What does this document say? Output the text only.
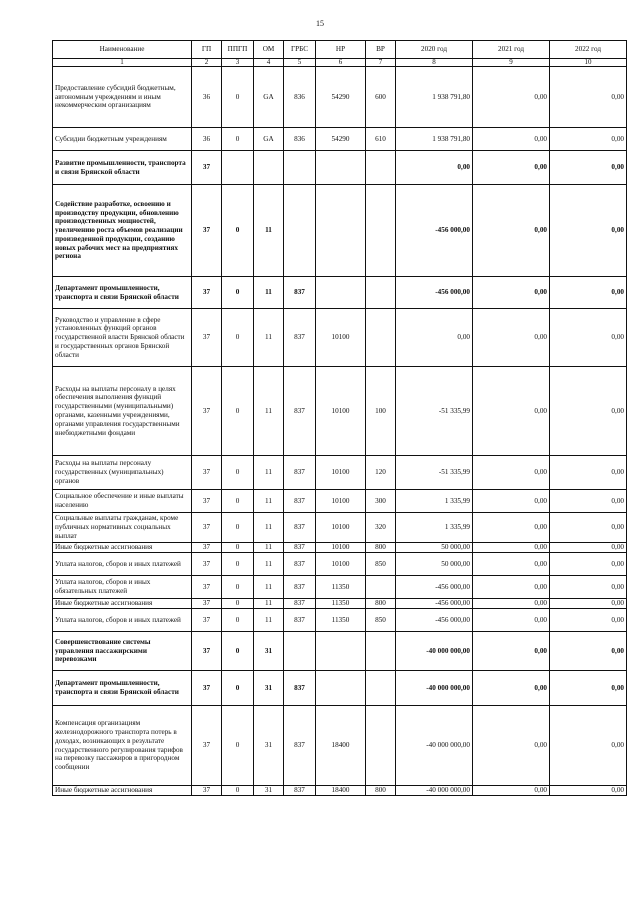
15
Наименование	ГП	ППГП	ОМ	ГРБС	НР	ВР	2020 год	2021 год	2022 год
1	2	3	4	5	6	7	8	9	10
Предоставление субсидий бюджетным, автономным учреждениям и иным некоммерческим организациям	36	0	GA	836	54290	600	1 938 791,80	0,00	0,00
Субсидии бюджетным учреждениям	36	0	GA	836	54290	610	1 938 791,80	0,00	0,00
Развитие промышленности, транспорта и связи Брянской области	37						0,00	0,00	0,00
Содействие разработке, освоению и производству продукции, обновлению производственных мощностей, увеличению роста объемов реализации произведенной продукции, созданию новых рабочих мест на предприятиях региона	37	0	11				-456 000,00	0,00	0,00
Департамент промышленности, транспорта и связи Брянской области	37	0	11	837			-456 000,00	0,00	0,00
Руководство и управление в сфере установленных функций органов государственной власти Брянской области и государственных органов Брянской области	37	0	11	837	10100		0,00	0,00	0,00
Расходы на выплаты персоналу в целях обеспечения выполнения функций государственными (муниципальными) органами, казенными учреждениями, органами управления государственными внебюджетными фондами	37	0	11	837	10100	100	-51 335,99	0,00	0,00
Расходы на выплаты персоналу государственных (муниципальных) органов	37	0	11	837	10100	120	-51 335,99	0,00	0,00
Социальное обеспечение и иные выплаты населению	37	0	11	837	10100	300	1 335,99	0,00	0,00
Социальные выплаты гражданам, кроме публичных нормативных социальных выплат	37	0	11	837	10100	320	1 335,99	0,00	0,00
Иные бюджетные ассигнования	37	0	11	837	10100	800	50 000,00	0,00	0,00
Уплата налогов, сборов и иных платежей	37	0	11	837	10100	850	50 000,00	0,00	0,00
Уплата налогов, сборов и иных обязательных платежей	37	0	11	837	11350		-456 000,00	0,00	0,00
Иные бюджетные ассигнования	37	0	11	837	11350	800	-456 000,00	0,00	0,00
Уплата налогов, сборов и иных платежей	37	0	11	837	11350	850	-456 000,00	0,00	0,00
Совершенствование системы управления пассажирскими перевозками	37	0	31				-40 000 000,00	0,00	0,00
Департамент промышленности, транспорта и связи Брянской области	37	0	31	837			-40 000 000,00	0,00	0,00
Компенсация организациям железнодорожного транспорта потерь в доходах, возникающих в результате государственного регулирования тарифов на перевозку пассажиров в пригородном сообщении	37	0	31	837	18400		-40 000 000,00	0,00	0,00
Иные бюджетные ассигнования	37	0	31	837	18400	800	-40 000 000,00	0,00	0,00
